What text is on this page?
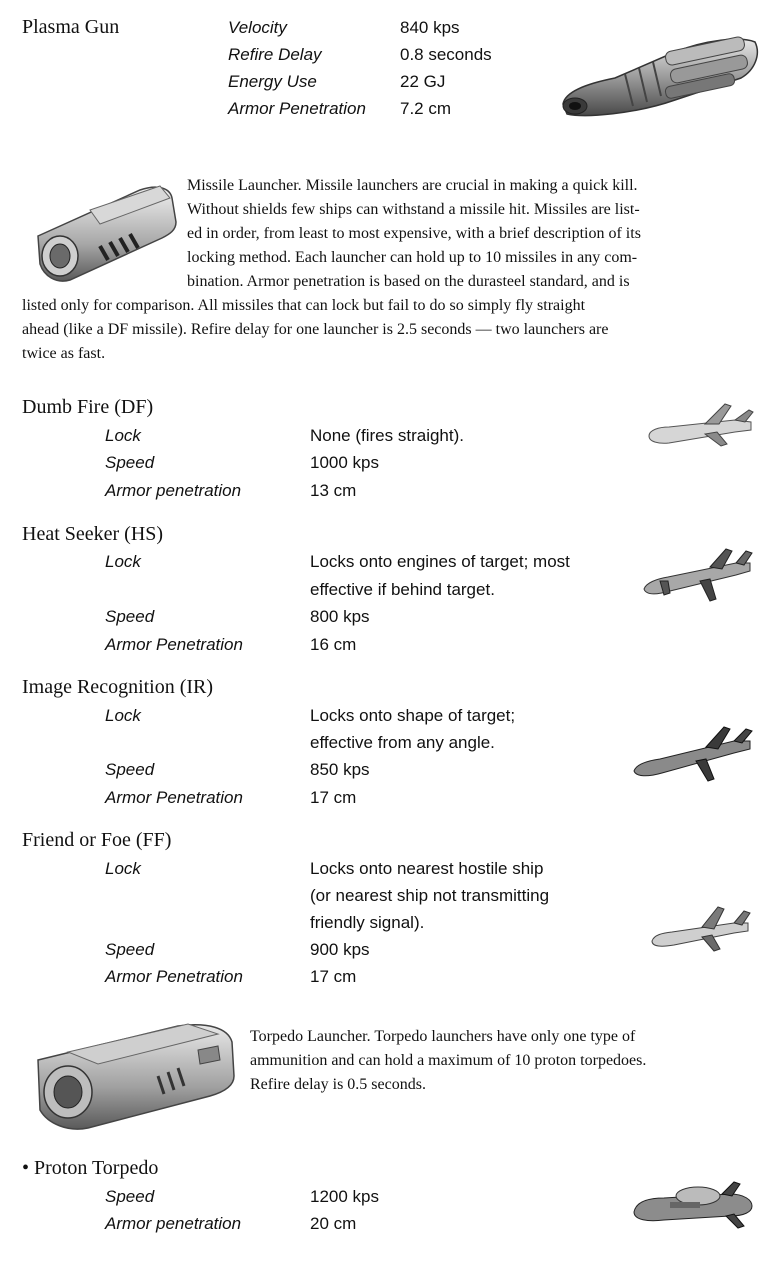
Plasma Gun	Velocity	840 kps
Refire Delay	0.8 seconds
Energy Use	22 GJ
Armor Penetration 7.2 cm
Missile Launcher. Missile launchers are crucial in making a quick kill.
Without shields few ships can withstand a missile hit. Missiles are list-
ed in order, from least to most expensive, with a brief description of its
locking method. Each launcher can hold up to 10 missiles in any com-
bination. Armor penetration is based on the durasteel standard, and is
listed only for comparison. All missiles that can lock but fail to do so simply fly straight
ahead (like a DF missile). Refire delay for one launcher is 2.5 seconds — two launchers are
twice as fast.
Dumb Fire (DF)
Lock	None (fires straight).
Speed	1000 kps
Armor penetration	13 cm
Heat Seeker (HS)
Lock	Locks onto engines of target; most
effective if behind target.
Speed	800 kps
Armor Penetration	16 cm
Image Recognition (IR)
Lock	Locks onto shape of target;
effective from any angle.
Speed	850 kps
Armor Penetration	17 cm
Friend or Foe (FF)
Lock	Locks onto nearest hostile ship
(or nearest ship not transmitting
friendly signal).
Speed	900 kps
Armor Penetration	17 cm
Torpedo Launcher. Torpedo launchers have only one type of
ammunition and can hold a maximum of 10 proton torpedoes.
Refire delay is 0.5 seconds.
• Proton Torpedo
Speed	1200 kps
Armor penetration	20 cm
